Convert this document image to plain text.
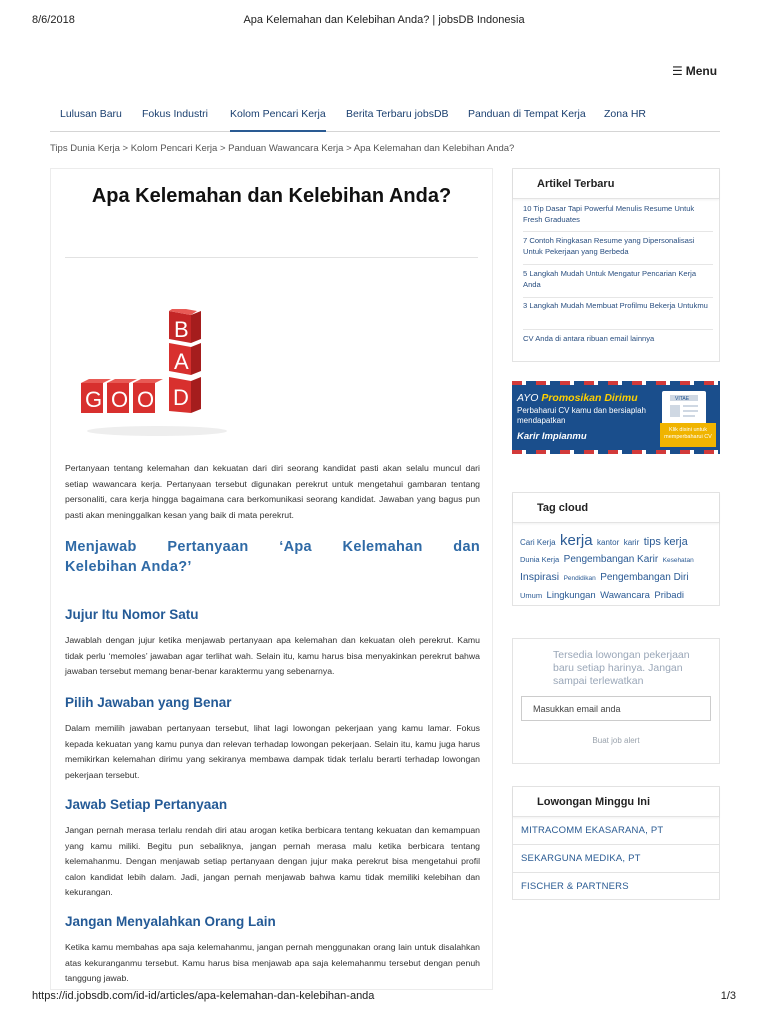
8/6/2018	Apa Kelemahan dan Kelebihan Anda? | jobsDB Indonesia
☰ Menu
Lulusan Baru Fokus Industri Kolom Pencari Kerja Berita Terbaru jobsDB Panduan di Tempat Kerja Zona HR
Tips Dunia Kerja > Kolom Pencari Kerja > Panduan Wawancara Kerja > Apa Kelemahan dan Kelebihan Anda?
Apa Kelemahan dan Kelebihan Anda?
B
A
G O O D

Pertanyaan tentang kelemahan dan kekuatan dari diri seorang kandidat pasti akan selalu muncul dari setiap wawancara kerja. Pertanyaan tersebut digunakan perekrut untuk mengetahui gambaran tentang personaliti, cara kerja hingga bagaimana cara berkomunikasi seorang kandidat. Jawaban yang bagus pun pasti akan meninggalkan kesan yang baik di mata perekrut.

Menjawab Pertanyaan ‘Apa Kelemahan dan
Kelebihan Anda?’
Jujur Itu Nomor Satu

Jawablah dengan jujur ketika menjawab pertanyaan apa kelemahan dan kekuatan oleh perekrut. Kamu tidak perlu ‘memoles’ jawaban agar terlihat wah. Selain itu, kamu harus bisa menyakinkan perekrut bahwa jawaban tersebut memang benar-benar karaktermu yang sebenarnya.

Pilih Jawaban yang Benar

Dalam memilih jawaban pertanyaan tersebut, lihat lagi lowongan pekerjaan yang kamu lamar. Fokus kepada kekuatan yang kamu punya dan relevan terhadap lowongan pekerjaan. Selain itu, kamu juga harus memikirkan kelemahan dirimu yang sekiranya membawa dampak tidak terlalu berarti terhadap lowongan pekerjaan tersebut.

Jawab Setiap Pertanyaan

Jangan pernah merasa terlalu rendah diri atau arogan ketika berbicara tentang kekuatan dan kemampuan yang kamu miliki. Begitu pun sebaliknya, jangan pernah merasa malu ketika berbicara tentang kelemahanmu. Dengan menjawab setiap pertanyaan dengan jujur maka perekrut bisa mengetahui profil calon kandidat lebih dalam. Jadi, jangan pernah menjawab bahwa kamu tidak memiliki kelebihan dan kekurangan.

Jangan Menyalahkan Orang Lain

Ketika kamu membahas apa saja kelemahanmu, jangan pernah menggunakan orang lain untuk disalahkan atas kekuranganmu tersebut. Kamu harus bisa menjawab apa saja kelemahanmu tersebut dengan penuh tanggung jawab.

Artikel Terbaru
10 Tip Dasar Tapi Powerful Menulis Resume Untuk Fresh Graduates
7 Contoh Ringkasan Resume yang Dipersonalisasi Untuk Pekerjaan yang Berbeda
5 Langkah Mudah Untuk Mengatur Pencarian Kerja Anda
3 Langkah Mudah Membuat Profilmu Bekerja Untukmu
CV Anda di antara ribuan email lainnya
AYO Promosikan Dirimu
Perbaharui CV kamu dan bersiaplah mendapatkan
Karir Impianmu
VITAE
Klik disini untuk memperbaharui CV
Tag cloud
Cari Kerja kerja kantor karir tips kerja
Dunia Kerja Pengembangan Karir Kesehatan
Inspirasi Pendidikan Pengembangan Diri
Umum Lingkungan Wawancara Pribadi
Tersedia lowongan pekerjaan baru setiap harinya. Jangan sampai terlewatkan
Masukkan email anda
Buat job alert
Lowongan Minggu Ini
MITRACOMM EKASARANA, PT
SEKARGUNA MEDIKA, PT
FISCHER & PARTNERS
https://id.jobsdb.com/id-id/articles/apa-kelemahan-dan-kelebihan-anda	1/3
